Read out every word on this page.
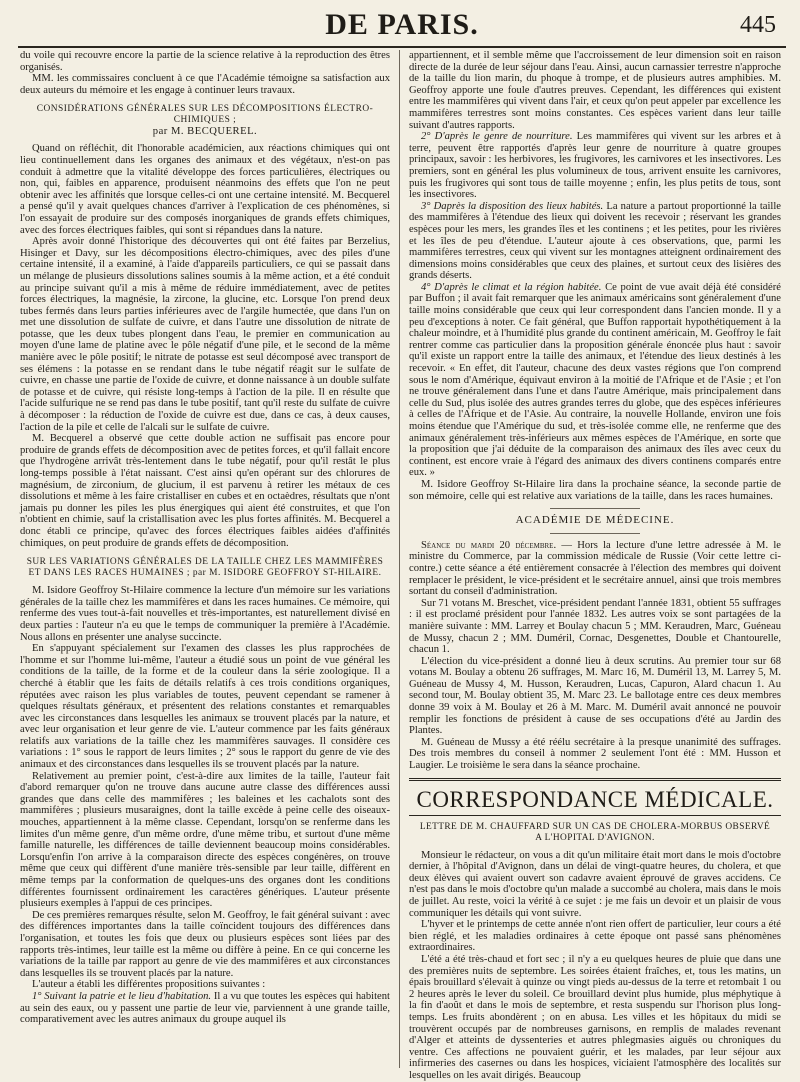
DE PARIS.	445

du voile qui recouvre encore la partie de la science relative à la reproduction des êtres organisés.

MM. les commissaires concluent à ce que l'Académie témoigne sa satisfaction aux deux auteurs du mémoire et les engage à continuer leurs travaux.

CONSIDÉRATIONS GÉNÉRALES SUR LES DÉCOMPOSITIONS ÉLECTRO-CHIMIQUES ;
par M. BECQUEREL.

Quand on réfléchit, dit l'honorable académicien, aux réactions chimiques qui ont lieu continuellement dans les organes des animaux et des végétaux, n'est-on pas conduit à admettre que la vitalité développe des forces particulières, électriques ou non, qui, faibles en apparence, produisent néanmoins des effets que l'on ne peut obtenir avec les affinités que lorsque celles-ci ont une certaine intensité. M. Becquerel a pensé qu'il y avait quelques chances d'arriver à l'explication de ces phénomènes, si l'on essayait de produire sur des composés inorganiques de grands effets chimiques, avec des forces électriques faibles, qui sont si répandues dans la nature.

Après avoir donné l'historique des découvertes qui ont été faites par Berzelius, Hisinger et Davy, sur les décompositions électro-chimiques, avec des piles d'une certaine intensité, il a examiné, à l'aide d'appareils particuliers, ce qui se passait dans un mélange de plusieurs dissolutions salines soumis à la même action, et a été conduit au principe suivant qu'il a mis à même de réduire immédiatement, avec de petites forces électriques, la magnésie, la zircone, la glucine, etc. Lorsque l'on prend deux tubes fermés dans leurs parties inférieures avec de l'argile humectée, que dans l'un on met une dissolution de sulfate de cuivre, et dans l'autre une dissolution de nitrate de potasse, que les deux tubes plongent dans l'eau, le premier en communication au moyen d'une lame de platine avec le pôle négatif d'une pile, et le second de la même manière avec le pôle positif; le nitrate de potasse est seul décomposé avec transport de ses élémens : la potasse en se rendant dans le tube négatif réagit sur le sulfate de cuivre, en chasse une partie de l'oxide de cuivre, et donne naissance à un double sulfate de potasse et de cuivre, qui résiste long-temps à l'action de la pile. Il en résulte que l'acide sulfurique ne se rend pas dans le tube positif, tant qu'il reste du sulfate de cuivre à décomposer : la réduction de l'oxide de cuivre est due, dans ce cas, à deux causes, l'action de la pile et celle de l'alcali sur le sulfate de cuivre.

M. Becquerel a observé que cette double action ne suffisait pas encore pour produire de grands effets de décomposition avec de petites forces, et qu'il fallait encore que l'hydrogène arrivât très-lentement dans le tube négatif, pour qu'il restât le plus long-temps possible à l'état naissant. C'est ainsi qu'en opérant sur des chlorures de magnésium, de zirconium, de glucium, il est parvenu à retirer les métaux de ces dissolutions et même à les faire cristalliser en cubes et en octaèdres, résultats que n'ont jamais pu donner les piles les plus énergiques qui aient été construites, et que l'on n'obtient en chimie, sauf la cristallisation avec les plus fortes affinités. M. Becquerel a donc établi ce principe, qu'avec des forces électriques faibles aidées d'affinités chimiques, on peut produire de grands effets de décomposition.

SUR LES VARIATIONS GÉNÉRALES DE LA TAILLE CHEZ LES MAMMIFÈRES ET DANS LES RACES HUMAINES ; par M. ISIDORE GEOFFROY ST-HILAIRE.

M. Isidore Geoffroy St-Hilaire commence la lecture d'un mémoire sur les variations générales de la taille chez les mammifères et dans les races humaines. Ce mémoire, qui renferme des vues tout-à-fait nouvelles et très-importantes, est naturellement divisé en deux parties : l'auteur n'a eu que le temps de communiquer la première à l'Académie. Nous allons en présenter une analyse succincte.

En s'appuyant spécialement sur l'examen des classes les plus rapprochées de l'homme et sur l'homme lui-même, l'auteur a étudié sous un point de vue général les conditions de la taille, de la forme et de la couleur dans la série zoologique. Il a cherché à établir que les faits de détails relatifs à ces trois conditions organiques, réputées avec raison les plus variables de toutes, peuvent cependant se ramener à quelques résultats généraux, et présentent des relations constantes et remarquables avec les circonstances dans lesquelles les animaux se trouvent placés par la nature, et avec leur organisation et leur genre de vie. L'auteur commence par les faits généraux relatifs aux variations de la taille chez les mammifères sauvages. Il considère ces variations : 1° sous le rapport de leurs limites ; 2° sous le rapport du genre de vie des animaux et des circonstances dans lesquelles ils se trouvent placés par la nature.

Relativement au premier point, c'est-à-dire aux limites de la taille, l'auteur fait d'abord remarquer qu'on ne trouve dans aucune autre classe des différences aussi grandes que dans celle des mammifères ; les baleines et les cachalots sont des mammifères ; plusieurs musaraignes, dont la taille excède à peine celle des oiseaux-mouches, appartiennent à la même classe. Cependant, lorsqu'on se renferme dans les limites d'un même genre, d'un même ordre, d'une même tribu, et surtout d'une même famille naturelle, les différences de taille deviennent beaucoup moins considérables. Lorsqu'enfin l'on arrive à la comparaison directe des espèces congénères, on trouve même que ceux qui diffèrent d'une manière très-sensible par leur taille, diffèrent en même temps par la conformation de quelques-uns des organes dont les conditions différentes fournissent ordinairement les caractères génériques. L'auteur présente plusieurs exemples à l'appui de ces principes.

De ces premières remarques résulte, selon M. Geoffroy, le fait général suivant : avec des différences importantes dans la taille coïncident toujours des différences dans l'organisation, et toutes les fois que deux ou plusieurs espèces sont liées par des rapports très-intimes, leur taille est la même ou diffère à peine. En ce qui concerne les variations de la taille par rapport au genre de vie des mammifères et aux circonstances dans lesquelles ils se trouvent placés par la nature.

L'auteur a établi les différentes propositions suivantes :

1° Suivant la patrie et le lieu d'habitation. Il a vu que toutes les espèces qui habitent au sein des eaux, ou y passent une partie de leur vie, parviennent à une grande taille, comparativement avec les autres animaux du groupe auquel ils

appartiennent, et il semble même que l'accroissement de leur dimension soit en raison directe de la durée de leur séjour dans l'eau. Ainsi, aucun carnassier terrestre n'approche de la taille du lion marin, du phoque à trompe, et de plusieurs autres amphibies. M. Geoffroy apporte une foule d'autres preuves. Cependant, les différences qui existent entre les mammifères qui vivent dans l'air, et ceux qu'on peut appeler par excellence les mammifères terrestres sont moins constantes. Ces espèces varient dans leur taille suivant d'autres rapports.

2° D'après le genre de nourriture. Les mammifères qui vivent sur les arbres et à terre, peuvent être rapportés d'après leur genre de nourriture à quatre groupes principaux, savoir : les herbivores, les frugivores, les carnivores et les insectivores. Les premiers, sont en général les plus volumineux de tous, arrivent ensuite les carnivores, puis les frugivores qui sont tous de taille moyenne ; enfin, les plus petits de tous, sont les insectivores.

3° Daprès la disposition des lieux habités. La nature a partout proportionné la taille des mammifères à l'étendue des lieux qui doivent les recevoir ; réservant les grandes espèces pour les mers, les grandes îles et les continens ; et les petites, pour les rivières et les îles de peu d'étendue. L'auteur ajoute à ces observations, que, parmi les mammifères terrestres, ceux qui vivent sur les montagnes atteignent ordinairement des dimensions moins considérables que ceux des plaines, et surtout ceux des lisières des grands déserts.

4° D'après le climat et la région habitée. Ce point de vue avait déjà été considéré par Buffon ; il avait fait remarquer que les animaux américains sont généralement d'une taille moins considérable que ceux qui leur correspondent dans l'ancien monde. Il y a peu d'exceptions à noter. Ce fait général, que Buffon rapportait hypothétiquement à la chaleur moindre, et à l'humidité plus grande du continent américain, M. Geoffroy le fait rentrer comme cas particulier dans la proposition générale énoncée plus haut : savoir qu'il existe un rapport entre la taille des animaux, et l'étendue des lieux destinés à les recevoir. « En effet, dit l'auteur, chacune des deux vastes régions que l'on comprend sous le nom d'Amérique, équivaut environ à la moitié de l'Afrique et de l'Asie ; et l'on ne trouve généralement dans l'une et dans l'autre Amérique, mais principalement dans celle du Sud, plus isolée des autres grandes terres du globe, que des espèces inférieures à celles de l'Afrique et de l'Asie. Au contraire, la nouvelle Hollande, environ une fois moins étendue que l'Amérique du sud, et très-isolée comme elle, ne renferme que des animaux généralement très-inférieurs aux mêmes espèces de l'Amérique, en sorte que la proposition que j'ai déduite de la comparaison des animaux des îles avec ceux du continent, est encore vraie à l'égard des animaux des divers continens comparés entre eux. »

M. Isidore Geoffroy St-Hilaire lira dans la prochaine séance, la seconde partie de son mémoire, celle qui est relative aux variations de la taille, dans les races humaines.

ACADÉMIE DE MÉDECINE.

Séance du mardi 20 décembre. — Hors la lecture d'une lettre adressée à M. le ministre du Commerce, par la commission médicale de Russie (Voir cette lettre ci-contre.) cette séance a été entièrement consacrée à l'élection des membres qui doivent remplacer le président, le vice-président et le secrétaire annuel, ainsi que trois membres sortant du conseil d'administration.

Sur 71 votans M. Breschet, vice-président pendant l'année 1831, obtient 55 suffrages : il est proclamé président pour l'année 1832. Les autres voix se sont partagées de la manière suivante : MM. Larrey et Boulay chacun 5 ; MM. Keraudren, Marc, Guéneau de Mussy, chacun 2 ; MM. Duméril, Cornac, Desgenettes, Double et Chantourelle, chacun 1.

L'élection du vice-président a donné lieu à deux scrutins. Au premier tour sur 68 votans M. Boulay a obtenu 26 suffrages, M. Marc 16, M. Duméril 13, M. Larrey 5, M. Guéneau de Mussy 4, M. Husson, Keraudren, Lucas, Capuron, Alard chacun 1. Au second tour, M. Boulay obtient 35, M. Marc 23. Le ballotage entre ces deux membres donne 39 voix à M. Boulay et 26 à M. Marc. M. Duméril avait annoncé ne pouvoir remplir les fonctions de président à cause de ses occupations d'été au Jardin des Plantes.

M. Guéneau de Mussy a été réélu secrétaire à la presque unanimité des suffrages. Des trois membres du conseil à nommer 2 seulement l'ont été : MM. Husson et Laugier. Le troisième le sera dans la séance prochaine.

CORRESPONDANCE MÉDICALE.
LETTRE DE M. CHAUFFARD SUR UN CAS DE CHOLERA-MORBUS OBSERVÉ
A L'HOPITAL D'AVIGNON.

Monsieur le rédacteur, on vous a dit qu'un militaire était mort dans le mois d'octobre dernier, à l'hôpital d'Avignon, dans un délai de vingt-quatre heures, du cholera, et que deux élèves qui avaient ouvert son cadavre avaient éprouvé de graves accidens. Ce n'est pas dans le mois d'octobre qu'un malade a succombé au cholera, mais dans le mois de juillet. Au reste, voici la vérité à ce sujet : je me fais un devoir et un plaisir de vous communiquer les détails qui vont suivre.

L'hyver et le printemps de cette année n'ont rien offert de particulier, leur cours a été bien réglé, et les maladies ordinaires à cette époque ont passé sans phénomènes extraordinaires.

L'été a été très-chaud et fort sec ; il n'y a eu quelques heures de pluie que dans une des premières nuits de septembre. Les soirées étaient fraîches, et, tous les matins, un épais brouillard s'élevait à quinze ou vingt pieds au-dessus de la terre et retombait 1 ou 2 heures après le lever du soleil. Ce brouillard devint plus humide, plus méphytique à la fin d'août et dans le mois de septembre, et resta suspendu sur l'horison plus long-temps. Les fruits abondèrent ; on en abusa. Les villes et les hôpitaux du midi se trouvèrent occupés par de nombreuses garnisons, en remplis de malades revenant d'Alger et atteints de dyssenteries et autres phlegmasies aiguës ou chroniques du ventre. Ces affections ne pouvaient guérir, et les malades, par leur séjour aux infirmeries des casernes ou dans les hospices, viciaient l'atmosphère des localités sur lesquelles on les avait dirigés. Beaucoup
